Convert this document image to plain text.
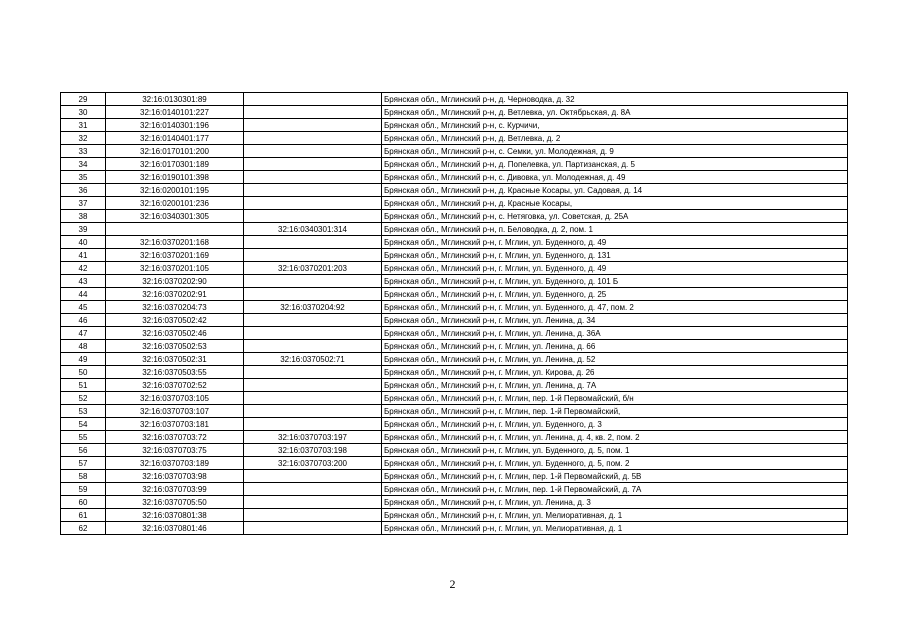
29	32:16:0130301:89		Брянская обл., Мглинский р-н, д. Черноводка, д. 32
30	32:16:0140101:227		Брянская обл., Мглинский р-н, д. Ветлевка, ул. Октябрьская, д. 8А
31	32:16:0140301:196		Брянская обл., Мглинский р-н, с. Курчичи,
32	32:16:0140401:177		Брянская обл., Мглинский р-н, д. Ветлевка, д. 2
33	32:16:0170101:200		Брянская обл., Мглинский р-н, с. Семки, ул. Молодежная, д. 9
34	32:16:0170301:189		Брянская обл., Мглинский р-н, д. Попелевка, ул. Партизанская, д. 5
35	32:16:0190101:398		Брянская обл., Мглинский р-н, с. Дивовка, ул. Молодежная, д. 49
36	32:16:0200101:195		Брянская обл., Мглинский р-н, д. Красные Косары, ул. Садовая, д. 14
37	32:16:0200101:236		Брянская обл., Мглинский р-н, д. Красные Косары,
38	32:16:0340301:305		Брянская обл., Мглинский р-н, с. Нетяговка, ул. Советская, д. 25А
39		32:16:0340301:314	Брянская обл., Мглинский р-н, п. Беловодка, д. 2, пом. 1
40	32:16:0370201:168		Брянская обл., Мглинский р-н, г. Мглин, ул. Буденного, д. 49
41	32:16:0370201:169		Брянская обл., Мглинский р-н, г. Мглин, ул. Буденного, д. 131
42	32:16:0370201:105	32:16:0370201:203	Брянская обл., Мглинский р-н, г. Мглин, ул. Буденного, д. 49
43	32:16:0370202:90		Брянская обл., Мглинский р-н, г. Мглин, ул. Буденного, д. 101 Б
44	32:16:0370202:91		Брянская обл., Мглинский р-н, г. Мглин, ул. Буденного, д. 25
45	32:16:0370204:73	32:16:0370204:92	Брянская обл., Мглинский р-н, г. Мглин, ул. Буденного, д. 47, пом. 2
46	32:16:0370502:42		Брянская обл., Мглинский р-н, г. Мглин, ул. Ленина, д. 34
47	32:16:0370502:46		Брянская обл., Мглинский р-н, г. Мглин, ул. Ленина, д. 36А
48	32:16:0370502:53		Брянская обл., Мглинский р-н, г. Мглин, ул. Ленина, д. 66
49	32:16:0370502:31	32:16:0370502:71	Брянская обл., Мглинский р-н, г. Мглин, ул. Ленина, д. 52
50	32:16:0370503:55		Брянская обл., Мглинский р-н, г. Мглин, ул. Кирова, д. 26
51	32:16:0370702:52		Брянская обл., Мглинский р-н, г. Мглин, ул. Ленина, д. 7А
52	32:16:0370703:105		Брянская обл., Мглинский р-н, г. Мглин, пер. 1-й Первомайский, б/н
53	32:16:0370703:107		Брянская обл., Мглинский р-н, г. Мглин, пер. 1-й Первомайский,
54	32:16:0370703:181		Брянская обл., Мглинский р-н, г. Мглин, ул. Буденного, д. 3
55	32:16:0370703:72	32:16:0370703:197	Брянская обл., Мглинский р-н, г. Мглин, ул. Ленина, д. 4, кв. 2, пом. 2
56	32:16:0370703:75	32:16:0370703:198	Брянская обл., Мглинский р-н, г. Мглин, ул. Буденного, д. 5, пом. 1
57	32:16:0370703:189	32:16:0370703:200	Брянская обл., Мглинский р-н, г. Мглин, ул. Буденного, д. 5, пом. 2
58	32:16:0370703:98		Брянская обл., Мглинский р-н, г. Мглин, пер. 1-й Первомайский, д. 5В
59	32:16:0370703:99		Брянская обл., Мглинский р-н, г. Мглин, пер. 1-й Первомайский, д. 7А
60	32:16:0370705:50		Брянская обл., Мглинский р-н, г. Мглин, ул. Ленина, д. 3
61	32:16:0370801:38		Брянская обл., Мглинский р-н, г. Мглин, ул. Мелиоративная, д. 1
62	32:16:0370801:46		Брянская обл., Мглинский р-н, г. Мглин, ул. Мелиоративная, д. 1
2
